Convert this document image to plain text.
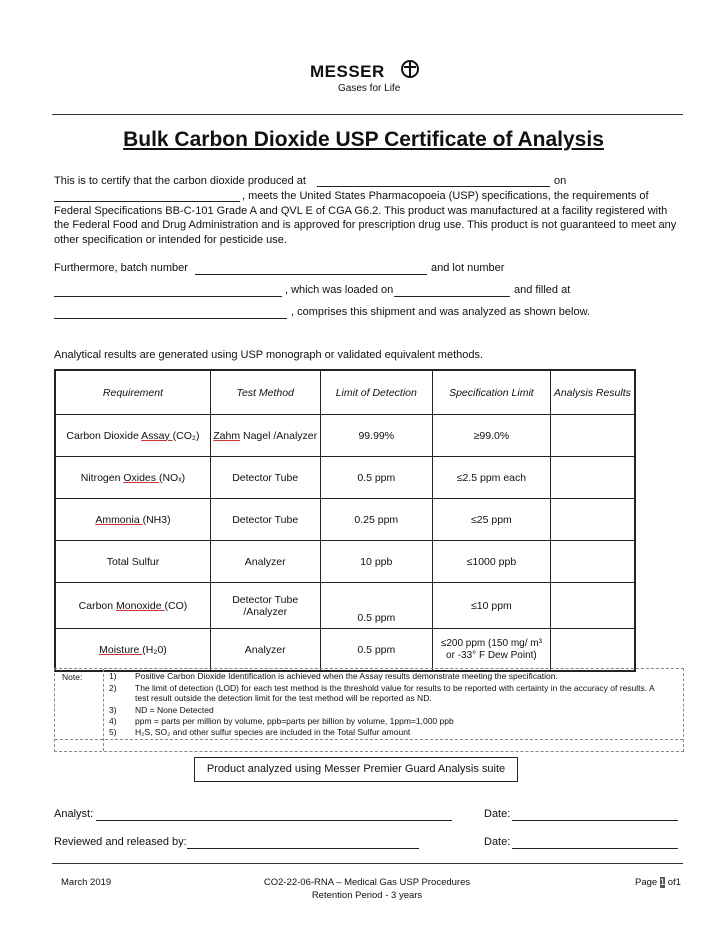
MESSER
Gases for Life
Bulk Carbon Dioxide USP Certificate of Analysis
This is to certify that the carbon dioxide produced at	on
, meets the United States Pharmacopoeia (USP) specifications, the requirements of Federal Specifications BB-C-101 Grade A and QVL E of CGA G6.2. This product was manufactured at a facility registered with the Federal Food and Drug Administration and is approved for prescription drug use. This product is not guaranteed to meet any other specification or intended for pesticide use.
Furthermore, batch number	and lot number
, which was loaded on	and filled at
, comprises this shipment and was analyzed as shown below.
Analytical results are generated using USP monograph or validated equivalent methods.
Requirement	Test Method	Limit of Detection	Specification Limit	Analysis Results
Carbon Dioxide Assay (CO₂)	Zahm Nagel /Analyzer	99.99%	≥99.0%	
Nitrogen Oxides (NOₓ)	Detector Tube	0.5 ppm	≤2.5 ppm each	
Ammonia (NH3)	Detector Tube	0.25 ppm	≤25 ppm	
Total Sulfur	Analyzer	10 ppb	≤1000 ppb	
Carbon Monoxide (CO)	Detector Tube /Analyzer	0.5 ppm	≤10 ppm	
Moisture (H₂0)	Analyzer	0.5 ppm	≤200 ppm (150 mg/ m³ or -33° F Dew Point)	
Note:	1) Positive Carbon Dioxide Identification is achieved when the Assay results demonstrate meeting the specification.
2) The limit of detection (LOD) for each test method is the threshold value for results to be reported with certainty in the accuracy of results. A test result outside the detection limit for the test method will be reported as ND.
3) ND = None Detected
4) ppm = parts per million by volume, ppb=parts per billion by volume, 1ppm=1,000 ppb
5) H₂S, SO₂ and other sulfur species are included in the Total Sulfur amount
Product analyzed using Messer Premier Guard Analysis suite
Analyst:	Date:
Reviewed and released by:	Date:
March 2019	CO2-22-06-RNA – Medical Gas USP Procedures
Retention Period - 3 years
Page 1 of1
